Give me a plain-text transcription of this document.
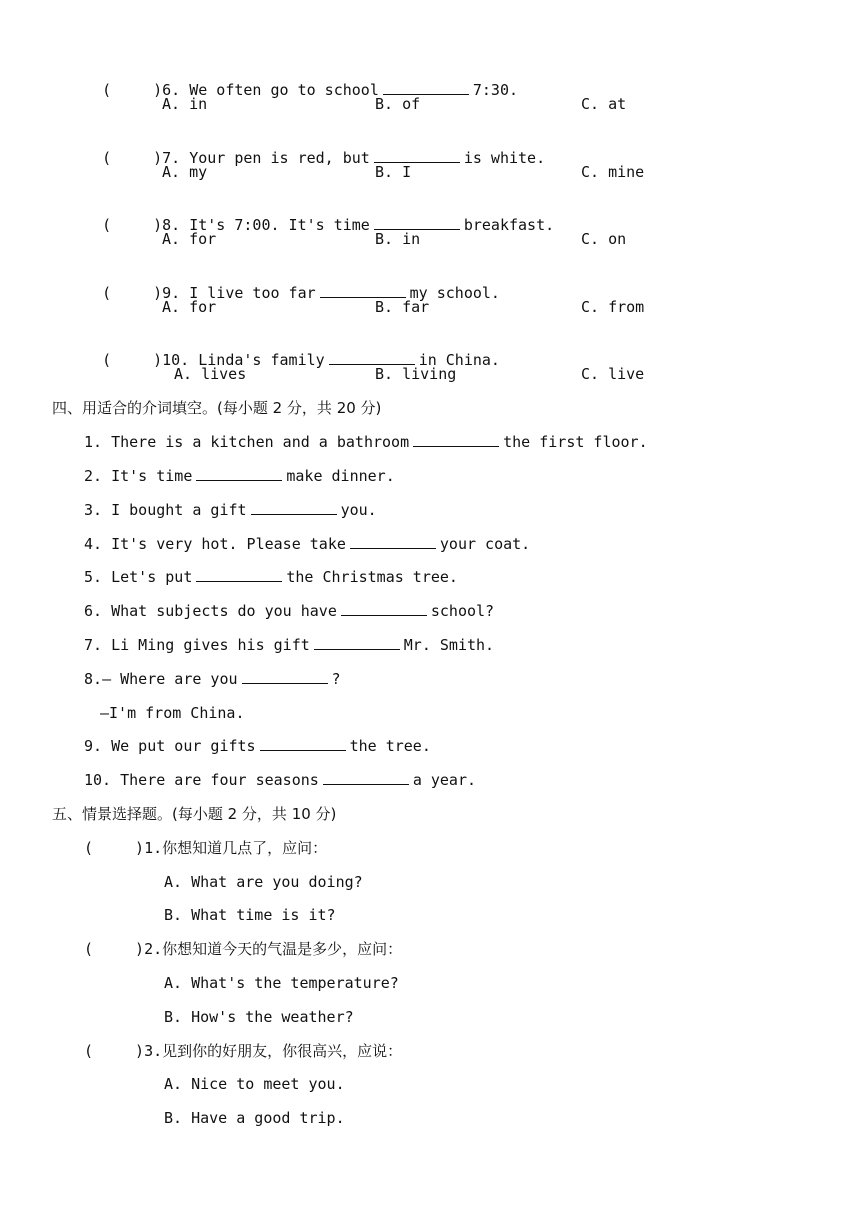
(	)6. We often go to school	7:30.

A. in	B. of	C. at

(	)7. Your pen is red, but	is white.

A. my	B. I	C. mine

(	)8. It's 7:00. It's time	breakfast.

A. for	B. in	C. on

(	)9. I live too far	my school.

A. for	B. far	C. from

(	)10. Linda's family	in China.

A. lives	B. living	C. live
四、用适合的介词填空。(每小题 2 分，共 20 分)
1. There is a kitchen and a bathroom	the first floor.
2. It's time	make dinner.
3. I bought a gift	you.
4. It's very hot. Please take	your coat.
5. Let's put	the Christmas tree.
6. What subjects do you have	school?
7. Li Ming gives his gift	Mr. Smith.
8.— Where are you	?
—I'm from China.
9. We put our gifts	the tree.
10. There are four seasons	a year.
五、情景选择题。(每小题 2 分，共 10 分)
(	)1.你想知道几点了，应问：
A. What are you doing?
B. What time is it?
(	)2.你想知道今天的气温是多少，应问：
A. What's the temperature?
B. How's the weather?
(	)3.见到你的好朋友，你很高兴，应说：
A. Nice to meet you.
B. Have a good trip.
